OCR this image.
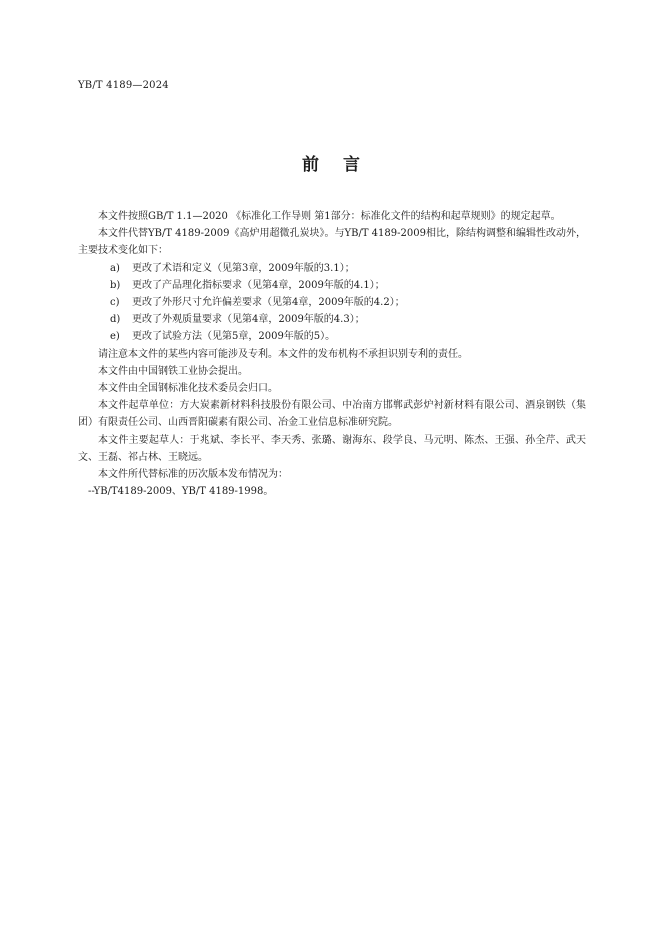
YB/T 4189—2024
前言

本文件按照GB/T 1.1—2020 《标准化工作导则 第1部分：标准化文件的结构和起草规则》的规定起草。

本文件代替YB/T 4189-2009《高炉用超微孔炭块》。与YB/T 4189-2009相比，除结构调整和编辑性改动外，主要技术变化如下：

a) 更改了术语和定义（见第3章，2009年版的3.1）；

b) 更改了产品理化指标要求（见第4章，2009年版的4.1）；

c) 更改了外形尺寸允许偏差要求（见第4章，2009年版的4.2）；

d) 更改了外观质量要求（见第4章，2009年版的4.3）；

e) 更改了试验方法（见第5章，2009年版的5）。

请注意本文件的某些内容可能涉及专利。本文件的发布机构不承担识别专利的责任。

本文件由中国钢铁工业协会提出。

本文件由全国钢标准化技术委员会归口。

本文件起草单位：方大炭素新材料科技股份有限公司、中冶南方邯郸武彭炉衬新材料有限公司、酒泉钢铁（集团）有限责任公司、山西晋阳碳素有限公司、冶金工业信息标准研究院。

本文件主要起草人：于兆斌、李长平、李天秀、张璐、谢海东、段学良、马元明、陈杰、王强、孙全芹、武天文、王磊、祁占林、王晓远。

本文件所代替标准的历次版本发布情况为：

--YB/T4189-2009、YB/T 4189-1998。
